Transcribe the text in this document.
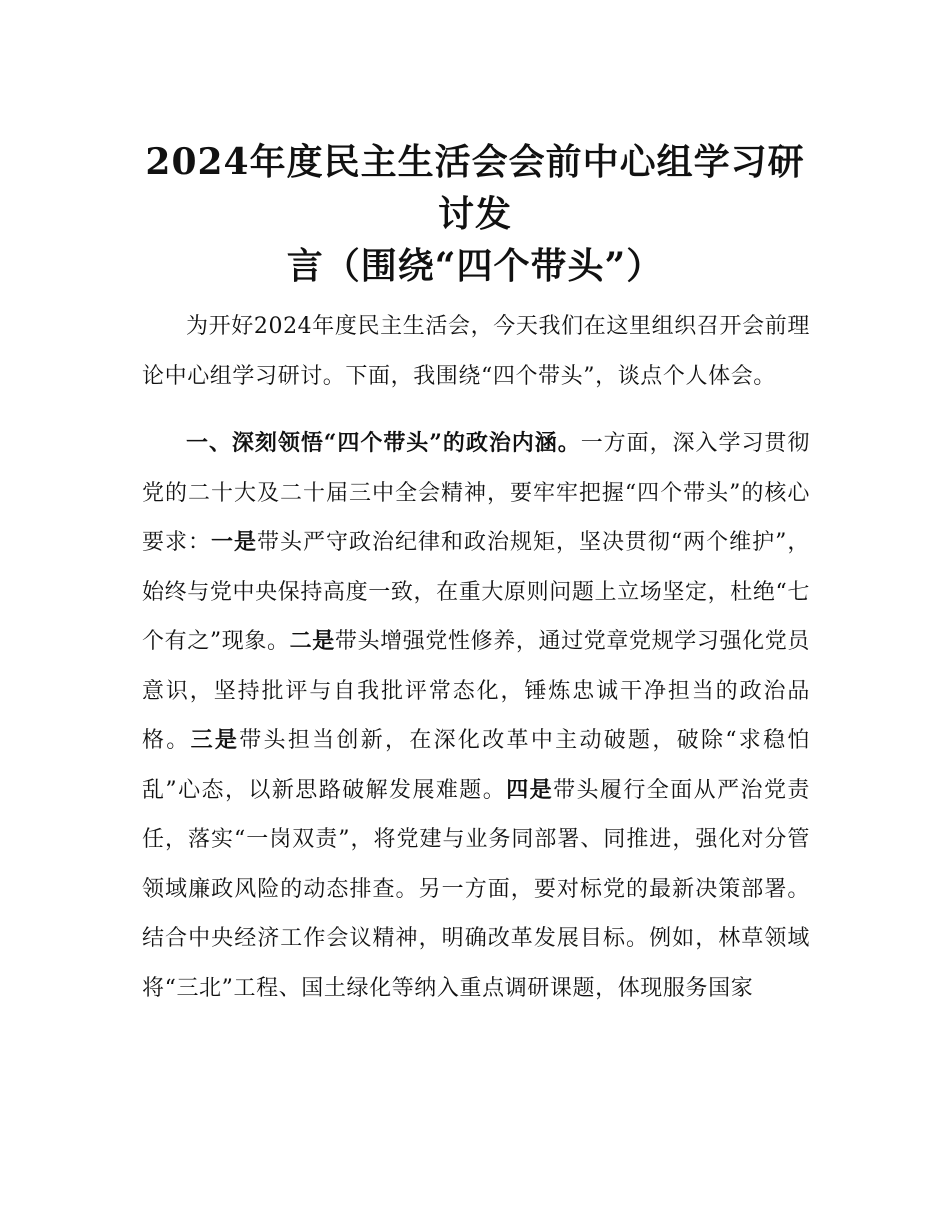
2024年度民主生活会会前中心组学习研讨发
言（围绕“四个带头”）

为开好2024年度民主生活会，今天我们在这里组织召开会前理论中心组学习研讨。下面，我围绕“四个带头”，谈点个人体会。

一、深刻领悟“四个带头”的政治内涵。一方面，深入学习贯彻党的二十大及二十届三中全会精神，要牢牢把握“四个带头”的核心要求：一是带头严守政治纪律和政治规矩，坚决贯彻“两个维护”，始终与党中央保持高度一致，在重大原则问题上立场坚定，杜绝“七个有之”现象。二是带头增强党性修养，通过党章党规学习强化党员意识，坚持批评与自我批评常态化，锤炼忠诚干净担当的政治品格。三是带头担当创新，在深化改革中主动破题，破除“求稳怕乱”心态，以新思路破解发展难题。四是带头履行全面从严治党责任，落实“一岗双责”，将党建与业务同部署、同推进，强化对分管领域廉政风险的动态排查。另一方面，要对标党的最新决策部署。结合中央经济工作会议精神，明确改革发展目标。例如，林草领域将“三北”工程、国土绿化等纳入重点调研课题，体现服务国家
